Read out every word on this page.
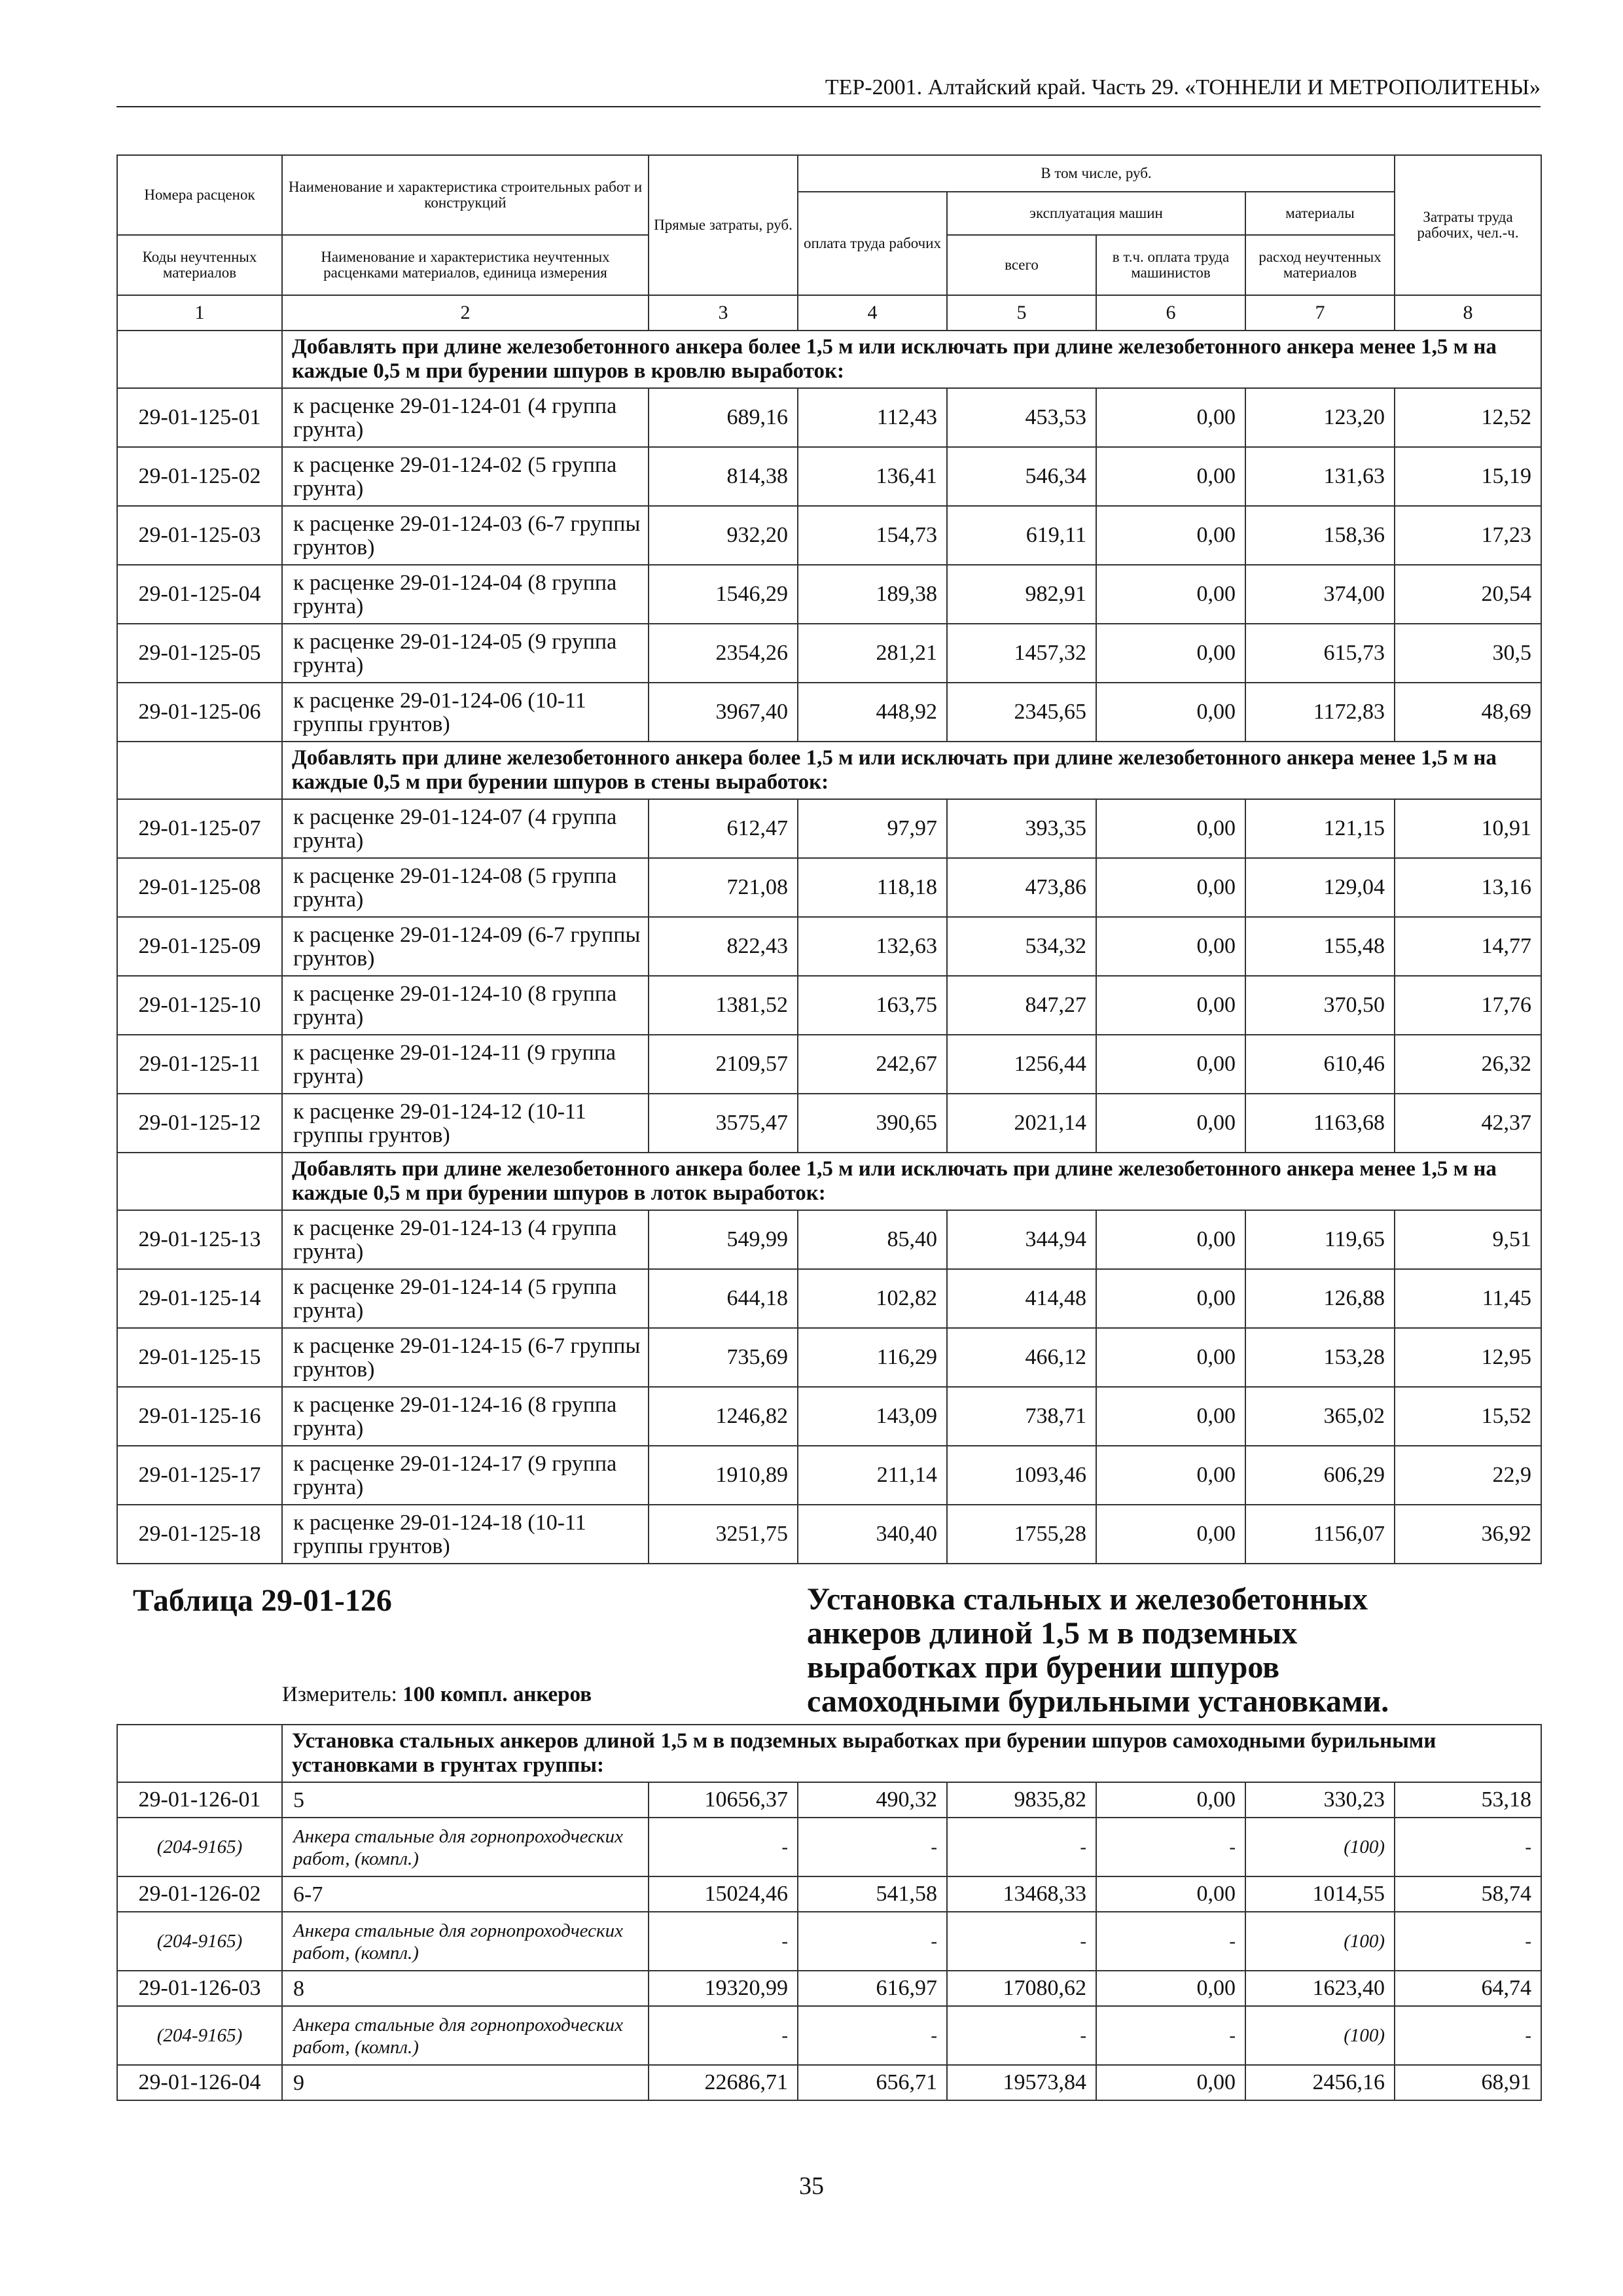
ТЕР-2001. Алтайский край. Часть 29. «ТОННЕЛИ И МЕТРОПОЛИТЕНЫ»
Номера расценок	Наименование и характеристика строительных работ и конструкций	Прямые затраты, руб.	В том числе, руб.				Затраты труда рабочих, чел.-ч.
			оплата труда рабочих	эксплуатация машин		материалы	
Коды неучтенных материалов	Наименование и характеристика неучтенных расценками материалов, единица измерения			всего	в т.ч. оплата труда машинистов	расход неучтенных материалов	

1	2	3	4	5	6	7	8
	Добавлять при длине железобетонного анкера более 1,5 м или исключать при длине железобетонного анкера менее 1,5 м на каждые 0,5 м при бурении шпуров в кровлю выработок:						
29-01-125-01	к расценке 29-01-124-01 (4 группа грунта)	689,16	112,43	453,53	0,00	123,20	12,52
29-01-125-02	к расценке 29-01-124-02 (5 группа грунта)	814,38	136,41	546,34	0,00	131,63	15,19
29-01-125-03	к расценке 29-01-124-03 (6-7 группы грунтов)	932,20	154,73	619,11	0,00	158,36	17,23
29-01-125-04	к расценке 29-01-124-04 (8 группа грунта)	1546,29	189,38	982,91	0,00	374,00	20,54
29-01-125-05	к расценке 29-01-124-05 (9 группа грунта)	2354,26	281,21	1457,32	0,00	615,73	30,5
29-01-125-06	к расценке 29-01-124-06 (10-11 группы грунтов)	3967,40	448,92	2345,65	0,00	1172,83	48,69
	Добавлять при длине железобетонного анкера более 1,5 м или исключать при длине железобетонного анкера менее 1,5 м на каждые 0,5 м при бурении шпуров в стены выработок:						
29-01-125-07	к расценке 29-01-124-07 (4 группа грунта)	612,47	97,97	393,35	0,00	121,15	10,91
29-01-125-08	к расценке 29-01-124-08 (5 группа грунта)	721,08	118,18	473,86	0,00	129,04	13,16
29-01-125-09	к расценке 29-01-124-09 (6-7 группы грунтов)	822,43	132,63	534,32	0,00	155,48	14,77
29-01-125-10	к расценке 29-01-124-10 (8 группа грунта)	1381,52	163,75	847,27	0,00	370,50	17,76
29-01-125-11	к расценке 29-01-124-11 (9 группа грунта)	2109,57	242,67	1256,44	0,00	610,46	26,32
29-01-125-12	к расценке 29-01-124-12 (10-11 группы грунтов)	3575,47	390,65	2021,14	0,00	1163,68	42,37
	Добавлять при длине железобетонного анкера более 1,5 м или исключать при длине железобетонного анкера менее 1,5 м на каждые 0,5 м при бурении шпуров в лоток выработок:						
29-01-125-13	к расценке 29-01-124-13 (4 группа грунта)	549,99	85,40	344,94	0,00	119,65	9,51
29-01-125-14	к расценке 29-01-124-14 (5 группа грунта)	644,18	102,82	414,48	0,00	126,88	11,45
29-01-125-15	к расценке 29-01-124-15 (6-7 группы грунтов)	735,69	116,29	466,12	0,00	153,28	12,95
29-01-125-16	к расценке 29-01-124-16 (8 группа грунта)	1246,82	143,09	738,71	0,00	365,02	15,52
29-01-125-17	к расценке 29-01-124-17 (9 группа грунта)	1910,89	211,14	1093,46	0,00	606,29	22,9
29-01-125-18	к расценке 29-01-124-18 (10-11 группы грунтов)	3251,75	340,40	1755,28	0,00	1156,07	36,92

Таблица 29-01-126
Измеритель: 100 компл. анкеров			Установка стальных и железобетонных анкеров длиной 1,5 м в подземных выработках при бурении шпуров самоходными бурильными установками.				

	Установка стальных анкеров длиной 1,5 м в подземных выработках при бурении шпуров самоходными бурильными установками в грунтах группы:						
29-01-126-01	5	10656,37	490,32	9835,82	0,00	330,23	53,18
(204-9165)	Анкера стальные для горнопроходческих работ, (компл.)	-	-	-	-	(100)	-
29-01-126-02	6-7	15024,46	541,58	13468,33	0,00	1014,55	58,74
(204-9165)	Анкера стальные для горнопроходческих работ, (компл.)	-	-	-	-	(100)	-
29-01-126-03	8	19320,99	616,97	17080,62	0,00	1623,40	64,74
(204-9165)	Анкера стальные для горнопроходческих работ, (компл.)	-	-	-	-	(100)	-
29-01-126-04	9	22686,71	656,71	19573,84	0,00	2456,16	68,91
35
